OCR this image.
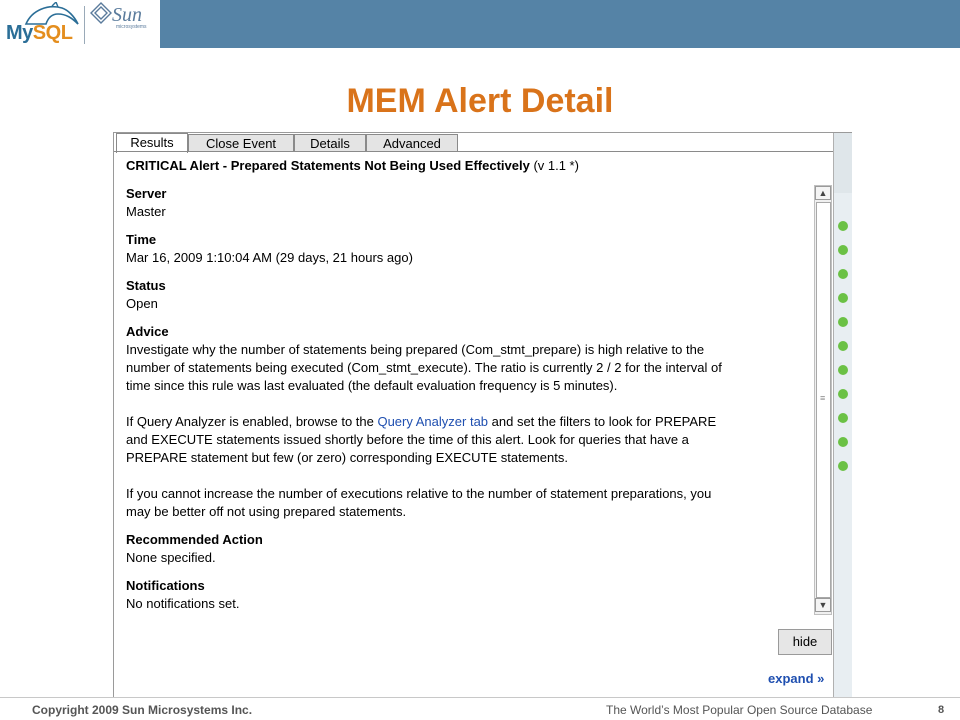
MySQL
Sun
microsystems
MEM Alert Detail
Results	Close Event	Details	Advanced
CRITICAL Alert - Prepared Statements Not Being Used Effectively (v 1.1 *)
Server
Master
Time
Mar 16, 2009 1:10:04 AM (29 days, 21 hours ago)
Status
Open
Advice
Investigate why the number of statements being prepared (Com_stmt_prepare) is high relative to the
number of statements being executed (Com_stmt_execute). The ratio is currently 2 / 2 for the interval of
time since this rule was last evaluated (the default evaluation frequency is 5 minutes).
If Query Analyzer is enabled, browse to the Query Analyzer tab and set the filters to look for PREPARE
and EXECUTE statements issued shortly before the time of this alert. Look for queries that have a
PREPARE statement but few (or zero) corresponding EXECUTE statements.
If you cannot increase the number of executions relative to the number of statement preparations, you
may be better off not using prepared statements.
Recommended Action
None specified.
Notifications
No notifications set.
▲
≡
▼
hide
expand »
Copyright 2009 Sun Microsystems Inc.	The World’s Most Popular Open Source Database	8
